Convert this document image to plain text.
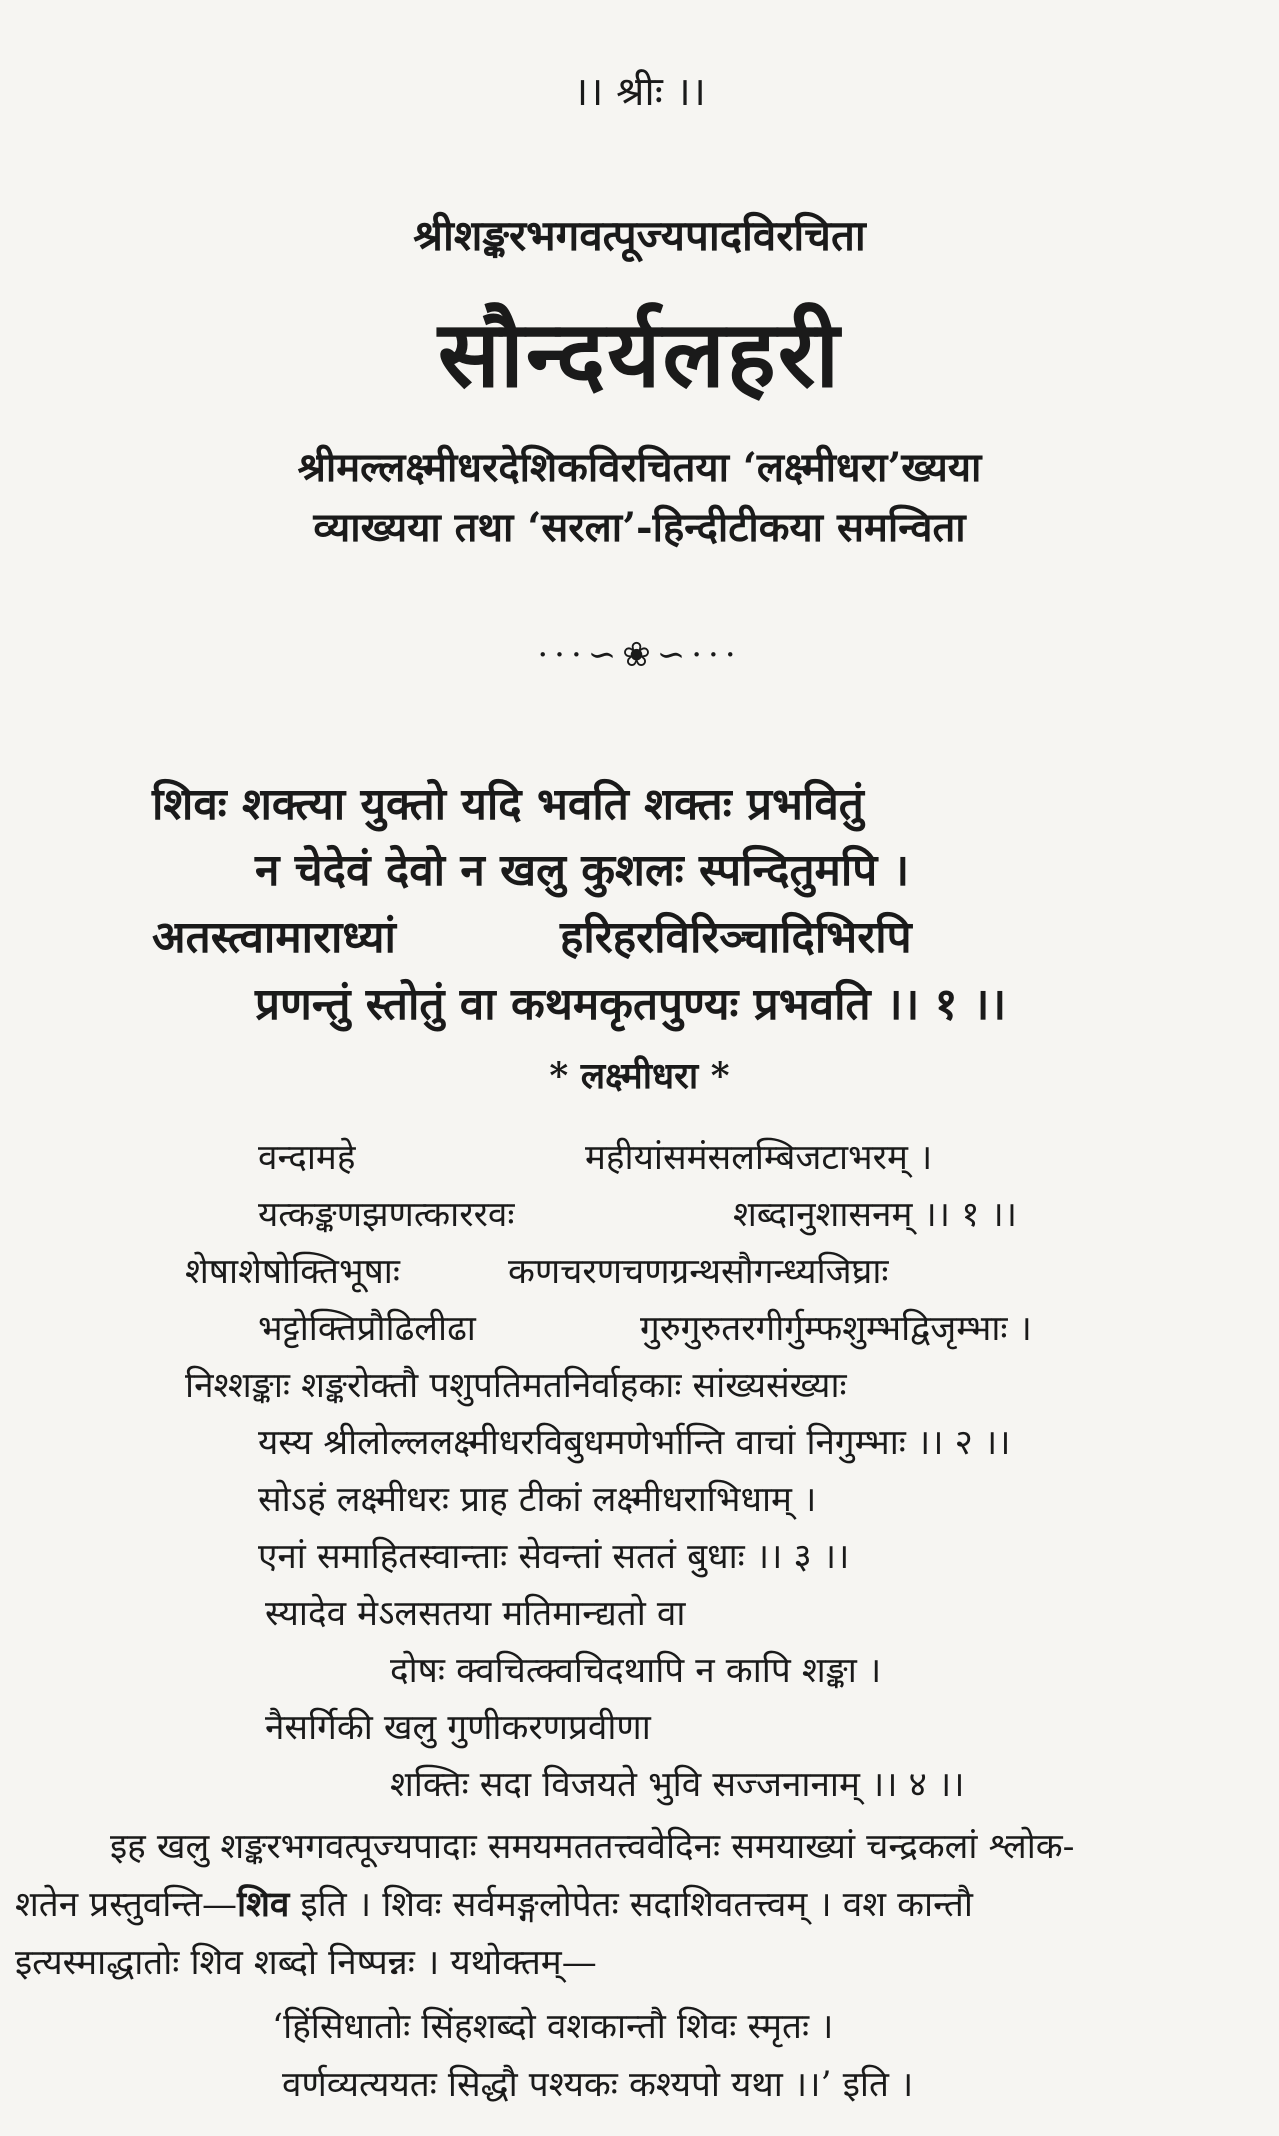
।। श्रीः ।।
श्रीशङ्करभगवत्पूज्यपादविरचिता
सौन्दर्यलहरी
श्रीमल्लक्ष्मीधरदेशिकविरचितया ‘लक्ष्मीधरा’ख्यया
व्याख्यया तथा ‘सरला’-हिन्दीटीकया समन्विता
···∽❀∽···
शिवः शक्त्या युक्तो यदि भवति शक्तः प्रभवितुं
न चेदेवं देवो न खलु कुशलः स्पन्दितुमपि ।
अतस्त्वामाराध्यां	हरिहरविरिञ्चादिभिरपि
प्रणन्तुं स्तोतुं वा कथमकृतपुण्यः प्रभवति ।। १ ।।
* लक्ष्मीधरा *
वन्दामहे	महीयांसमंसलम्बिजटाभरम् ।
यत्कङ्कणझणत्काररवः	शब्दानुशासनम् ।। १ ।।
शेषाशेषोक्तिभूषाः	कणचरणचणग्रन्थसौगन्ध्यजिघ्राः
भट्टोक्तिप्रौढिलीढा	गुरुगुरुतरगीर्गुम्फशुम्भद्विजृम्भाः ।
निश्शङ्काः शङ्करोक्तौ पशुपतिमतनिर्वाहकाः सांख्यसंख्याः
यस्य श्रीलोल्ललक्ष्मीधरविबुधमणेर्भान्ति वाचां निगुम्भाः ।। २ ।।
सोऽहं लक्ष्मीधरः प्राह टीकां लक्ष्मीधराभिधाम् ।
एनां समाहितस्वान्ताः सेवन्तां सततं बुधाः ।। ३ ।।
स्यादेव मेऽलसतया मतिमान्द्यतो वा
दोषः क्वचित्क्वचिदथापि न कापि शङ्का ।
नैसर्गिकी खलु गुणीकरणप्रवीणा
शक्तिः सदा विजयते भुवि सज्जनानाम् ।। ४ ।।
इह खलु शङ्करभगवत्पूज्यपादाः समयमततत्त्ववेदिनः समयाख्यां चन्द्रकलां श्लोक-
शतेन प्रस्तुवन्ति—शिव इति । शिवः सर्वमङ्गलोपेतः सदाशिवतत्त्वम् । वश कान्तौ
इत्यस्माद्धातोः शिव शब्दो निष्पन्नः । यथोक्तम्—
‘हिंसिधातोः सिंहशब्दो वशकान्तौ शिवः स्मृतः ।
वर्णव्यत्ययतः सिद्धौ पश्यकः कश्यपो यथा ।।’ इति ।
